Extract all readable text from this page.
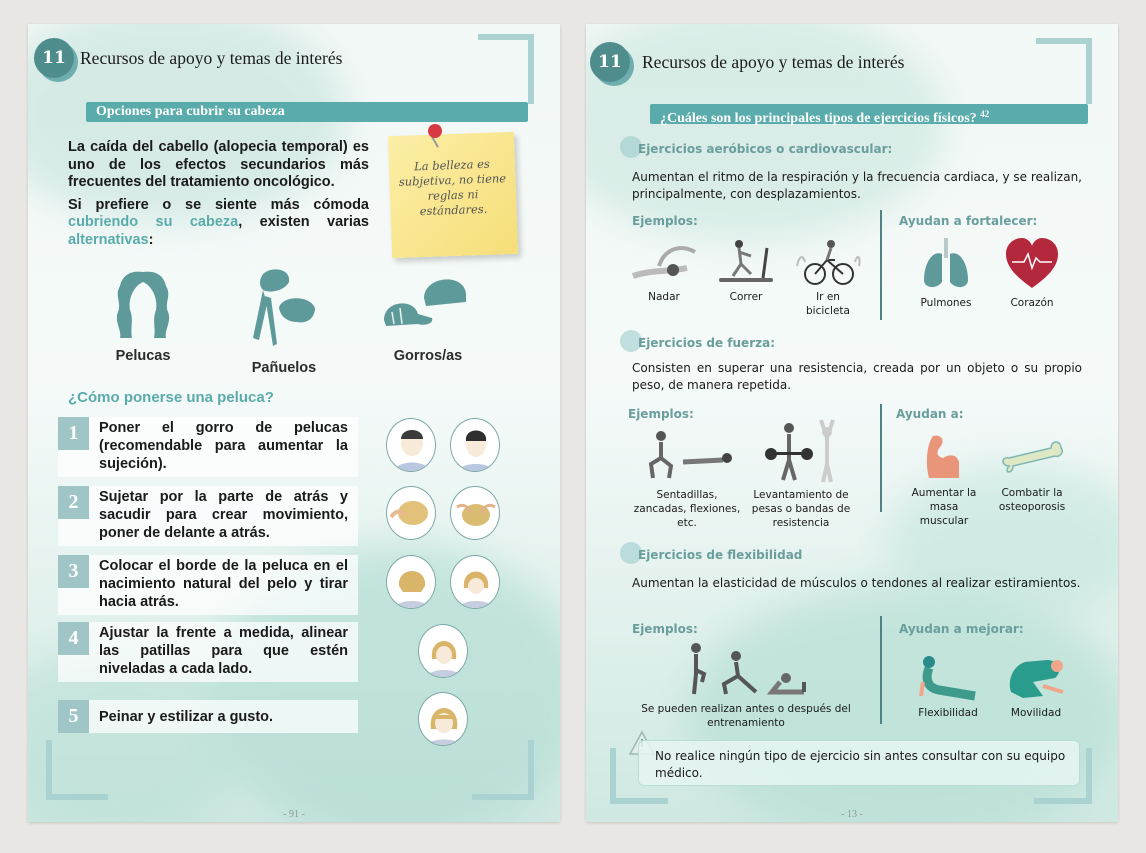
11 Recursos de apoyo y temas de interés
Opciones para cubrir su cabeza

La caída del cabello (alopecia temporal) es uno de los efectos secundarios más frecuentes del tratamiento oncológico.

Si prefiere o se siente más cómoda cubriendo su cabeza, existen varias alternativas:

La belleza es subjetiva, no tiene reglas ni estándares.
Pelucas
Pañuelos
Gorros/as
¿Cómo ponerse una peluca?
1	Poner el gorro de pelucas (recomendable para aumentar la sujeción).
2	Sujetar por la parte de atrás y sacudir para crear movimiento, poner de delante a atrás.
3	Colocar el borde de la peluca en el nacimiento natural del pelo y tirar hacia atrás.
4	Ajustar la frente a medida, alinear las patillas para que estén niveladas a cada lado.
5	Peinar y estilizar a gusto.
- 91 -
11	Recursos de apoyo y temas de interés
¿Cuáles son los principales tipos de ejercicios físicos? $^{42}$
Ejercicios aeróbicos o cardiovascular:
Aumentan el ritmo de la respiración y la frecuencia cardiaca, y se realizan, principalmente, con desplazamientos.
Ejemplos:	Ayudan a fortalecer:
Nadar	Correr	Ir en bicicleta
Pulmones	Corazón
Ejercicios de fuerza:
Consisten en superar una resistencia, creada por un objeto o su propio peso, de manera repetida.
Ejemplos:	Ayudan a:
Sentadillas, zancadas, flexiones, etc.
Levantamiento de pesas o bandas de resistencia
Aumentar la masa muscular
Combatir la osteoporosis
Ejercicios de flexibilidad
Aumentan la elasticidad de músculos o tendones al realizar estiramientos.
Ejemplos:	Ayudan a mejorar:
Se pueden realizan antes o después del entrenamiento
Flexibilidad	Movilidad
No realice ningún tipo de ejercicio sin antes consultar con su equipo médico.
- 13 -
